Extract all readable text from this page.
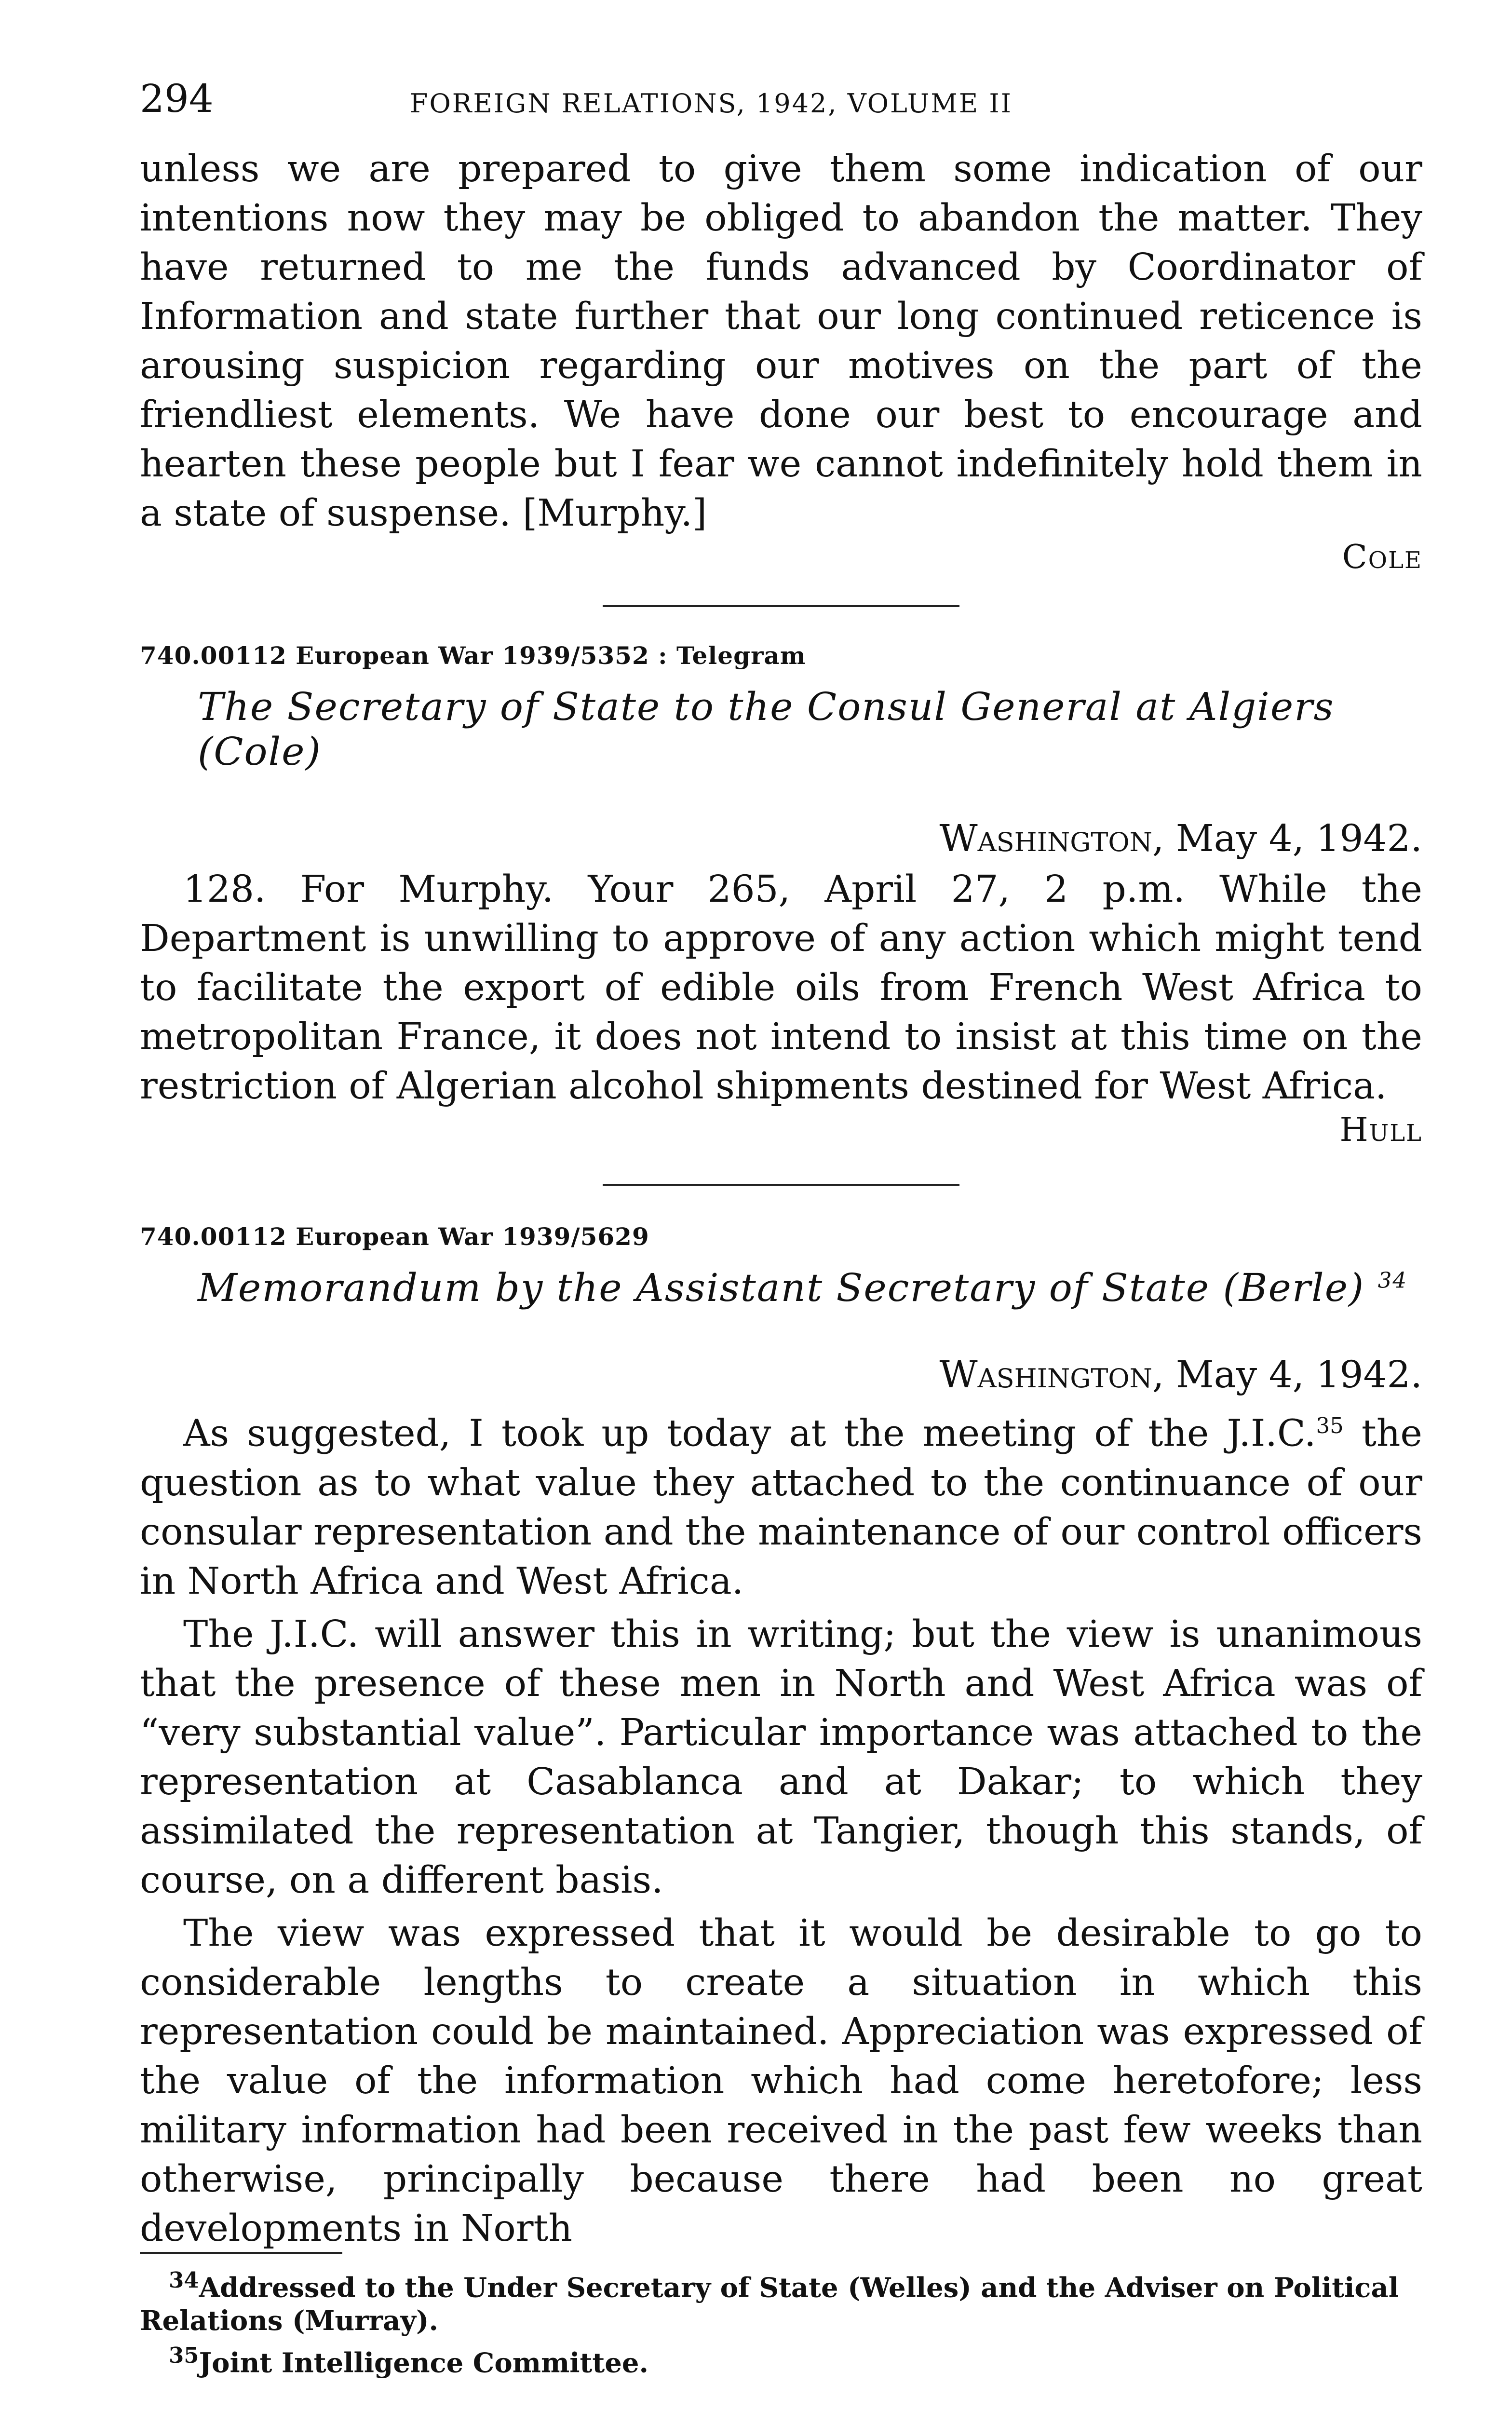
294	FOREIGN RELATIONS, 1942, VOLUME II

unless we are prepared to give them some indication of our intentions now they may be obliged to abandon the matter. They have returned to me the funds advanced by Coordinator of Information and state further that our long continued reticence is arousing suspicion regarding our motives on the part of the friendliest elements. We have done our best to encourage and hearten these people but I fear we cannot indefinitely hold them in a state of suspense. [Murphy.]

Cole
740.00112 European War 1939/5352 : Telegram
The Secretary of State to the Consul General at Algiers (Cole)
Washington, May 4, 1942.

128. For Murphy. Your 265, April 27, 2 p.m. While the Department is unwilling to approve of any action which might tend to facilitate the export of edible oils from French West Africa to metropolitan France, it does not intend to insist at this time on the restriction of Algerian alcohol shipments destined for West Africa.

Hull
740.00112 European War 1939/5629
Memorandum by the Assistant Secretary of State (Berle) $^{34}$
Washington, May 4, 1942.

As suggested, I took up today at the meeting of the J.I.C.$^{35}$ the question as to what value they attached to the continuance of our consular representation and the maintenance of our control officers in North Africa and West Africa.

The J.I.C. will answer this in writing; but the view is unanimous that the presence of these men in North and West Africa was of “very substantial value”. Particular importance was attached to the representation at Casablanca and at Dakar; to which they assimilated the representation at Tangier, though this stands, of course, on a different basis.

The view was expressed that it would be desirable to go to considerable lengths to create a situation in which this representation could be maintained. Appreciation was expressed of the value of the information which had come heretofore; less military information had been received in the past few weeks than otherwise, principally because there had been no great developments in North

$^{34}$Addressed to the Under Secretary of State (Welles) and the Adviser on Political Relations (Murray).
$^{35}$Joint Intelligence Committee.
